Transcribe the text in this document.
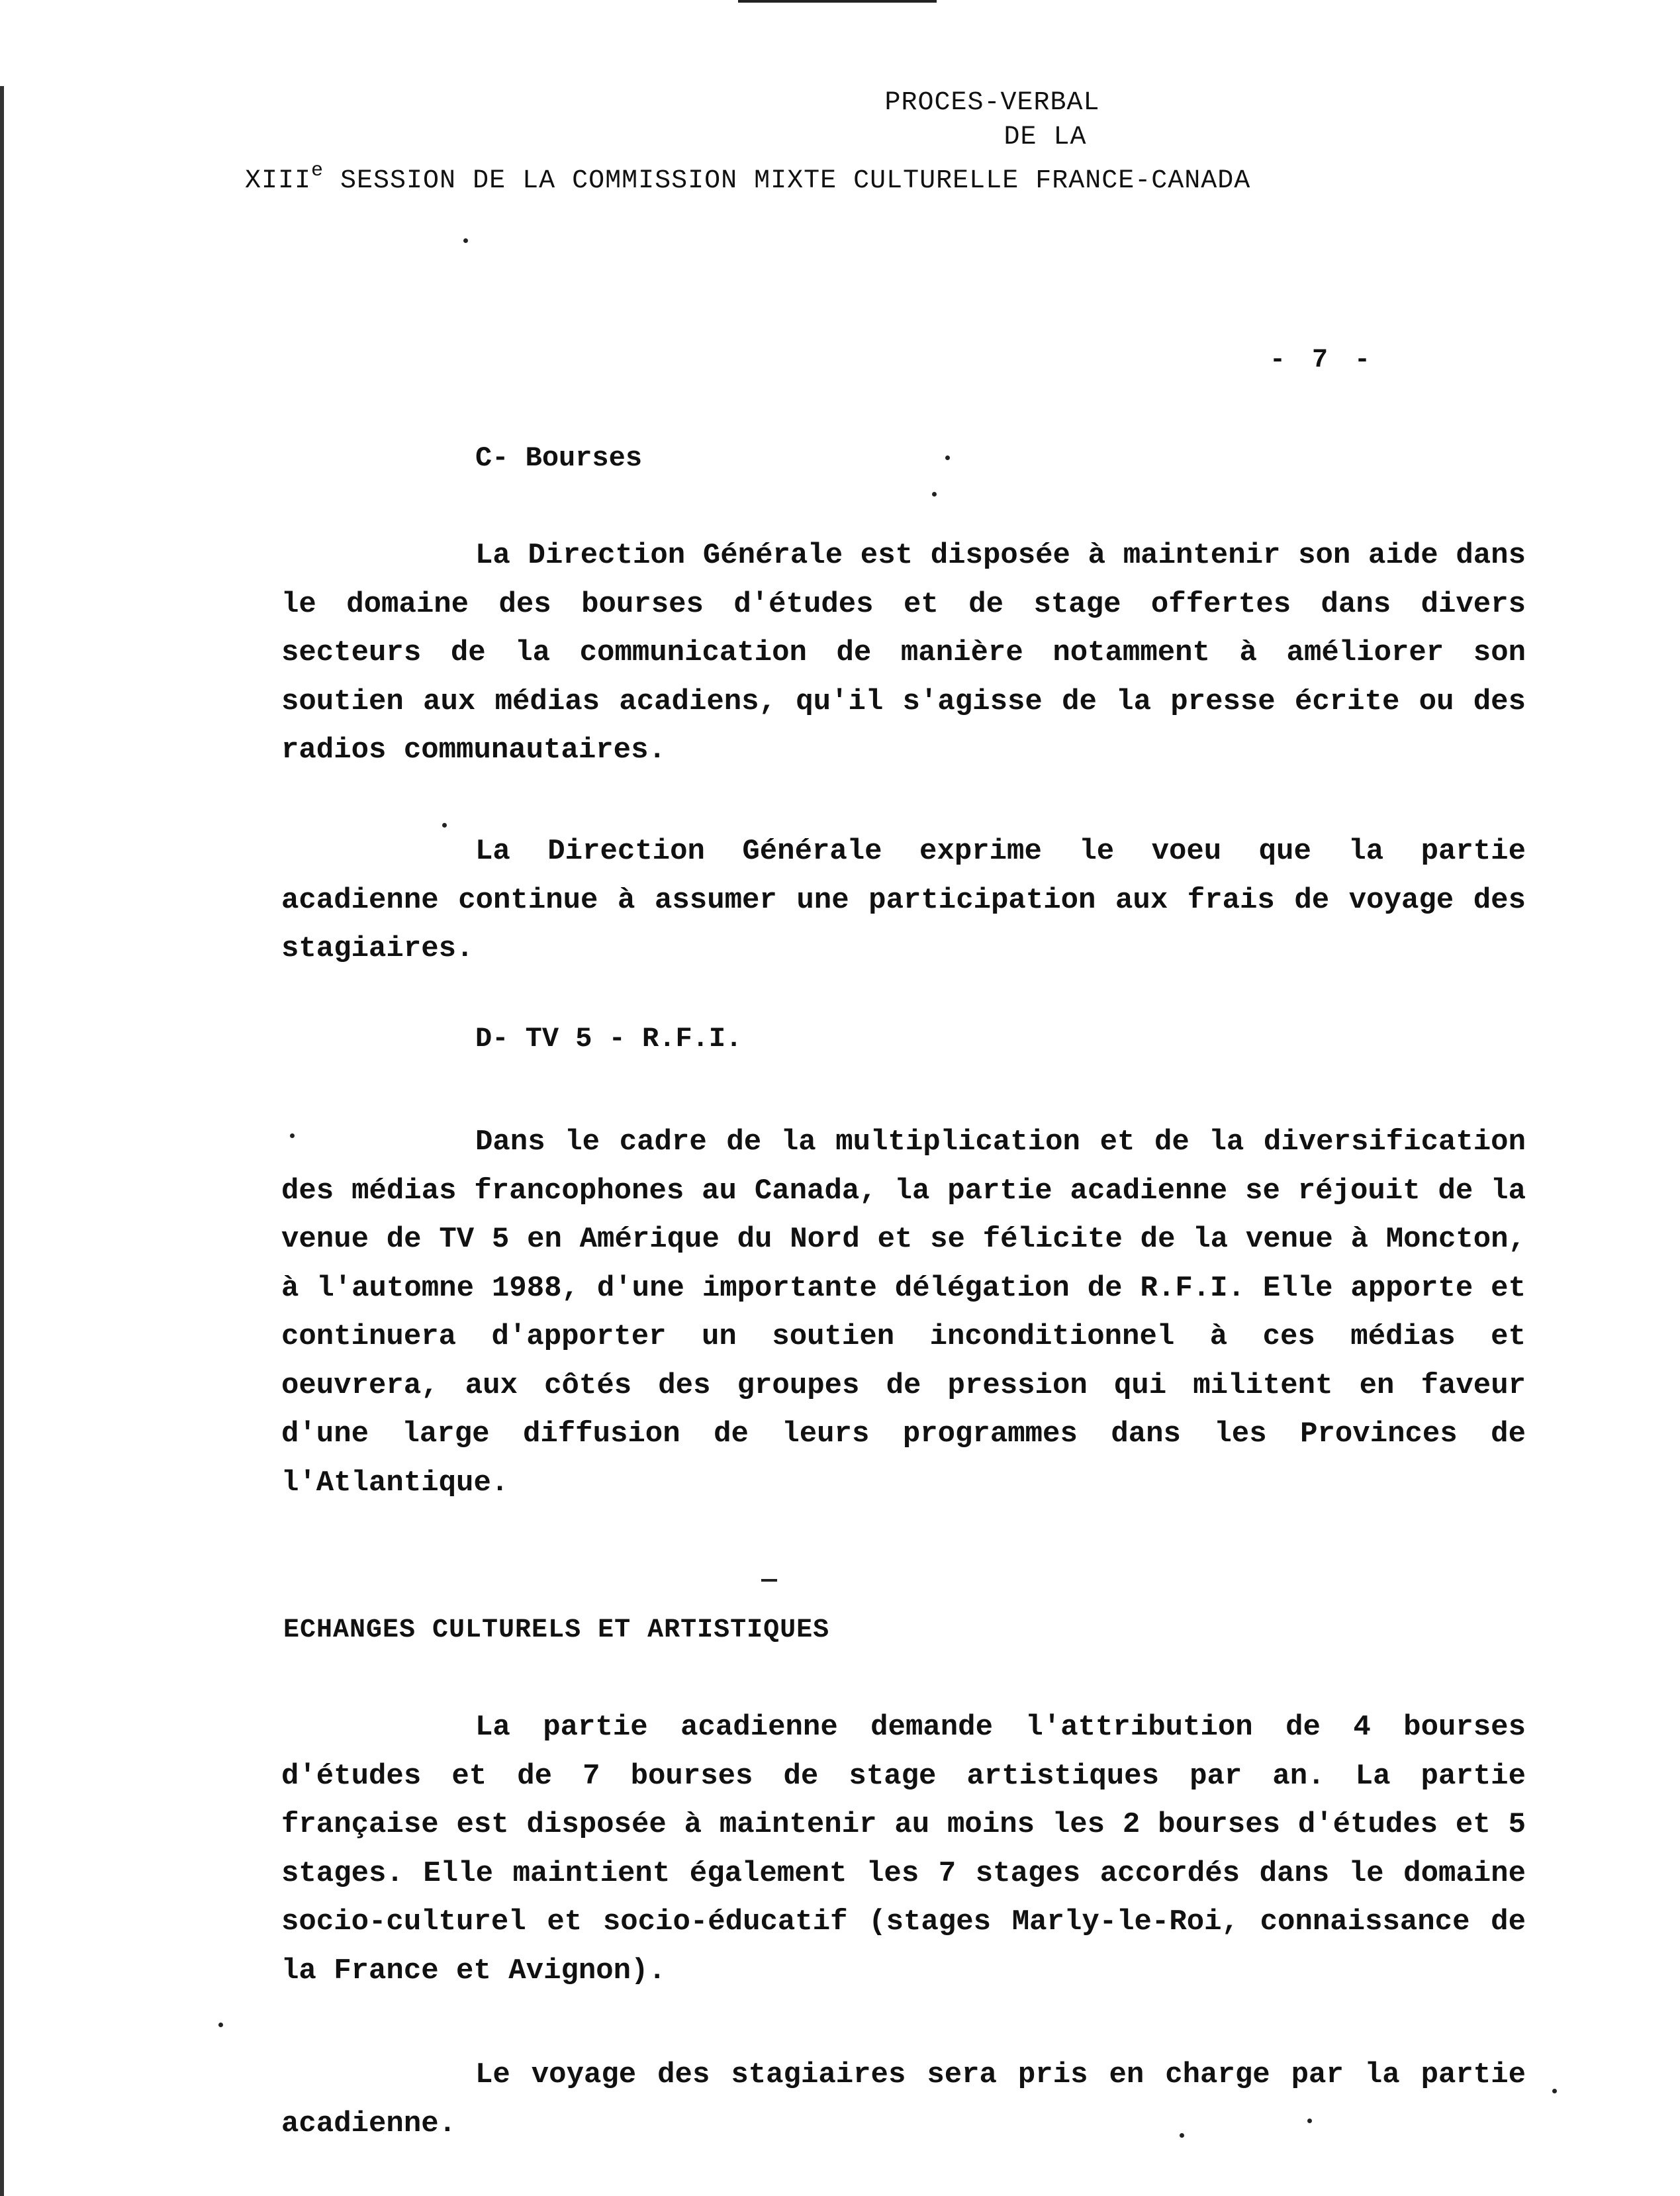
PROCES-VERBAL
DE LA
XIIIe SESSION DE LA COMMISSION MIXTE CULTURELLE FRANCE-CANADA
- 7 -
C- Bourses

La Direction Générale est disposée à maintenir son aide dans le domaine des bourses d'études et de stage offertes dans divers secteurs de la communication de manière notamment à améliorer son soutien aux médias acadiens, qu'il s'agisse de la presse écrite ou des radios communautaires.

La Direction Générale exprime le voeu que la partie acadienne continue à assumer une participation aux frais de voyage des stagiaires.

D- TV 5 - R.F.I.

Dans le cadre de la multiplication et de la diversification des médias francophones au Canada, la partie acadienne se réjouit de la venue de TV 5 en Amérique du Nord et se félicite de la venue à Moncton, à l'automne 1988, d'une importante délégation de R.F.I. Elle apporte et continuera d'apporter un soutien inconditionnel à ces médias et oeuvrera, aux côtés des groupes de pression qui militent en faveur d'une large diffusion de leurs programmes dans les Provinces de l'Atlantique.

ECHANGES CULTURELS ET ARTISTIQUES

La partie acadienne demande l'attribution de 4 bourses d'études et de 7 bourses de stage artistiques par an. La partie française est disposée à maintenir au moins les 2 bourses d'études et 5 stages. Elle maintient également les 7 stages accordés dans le domaine socio-culturel et socio-éducatif (stages Marly-le-Roi, connaissance de la France et Avignon).

Le voyage des stagiaires sera pris en charge par la partie acadienne.
